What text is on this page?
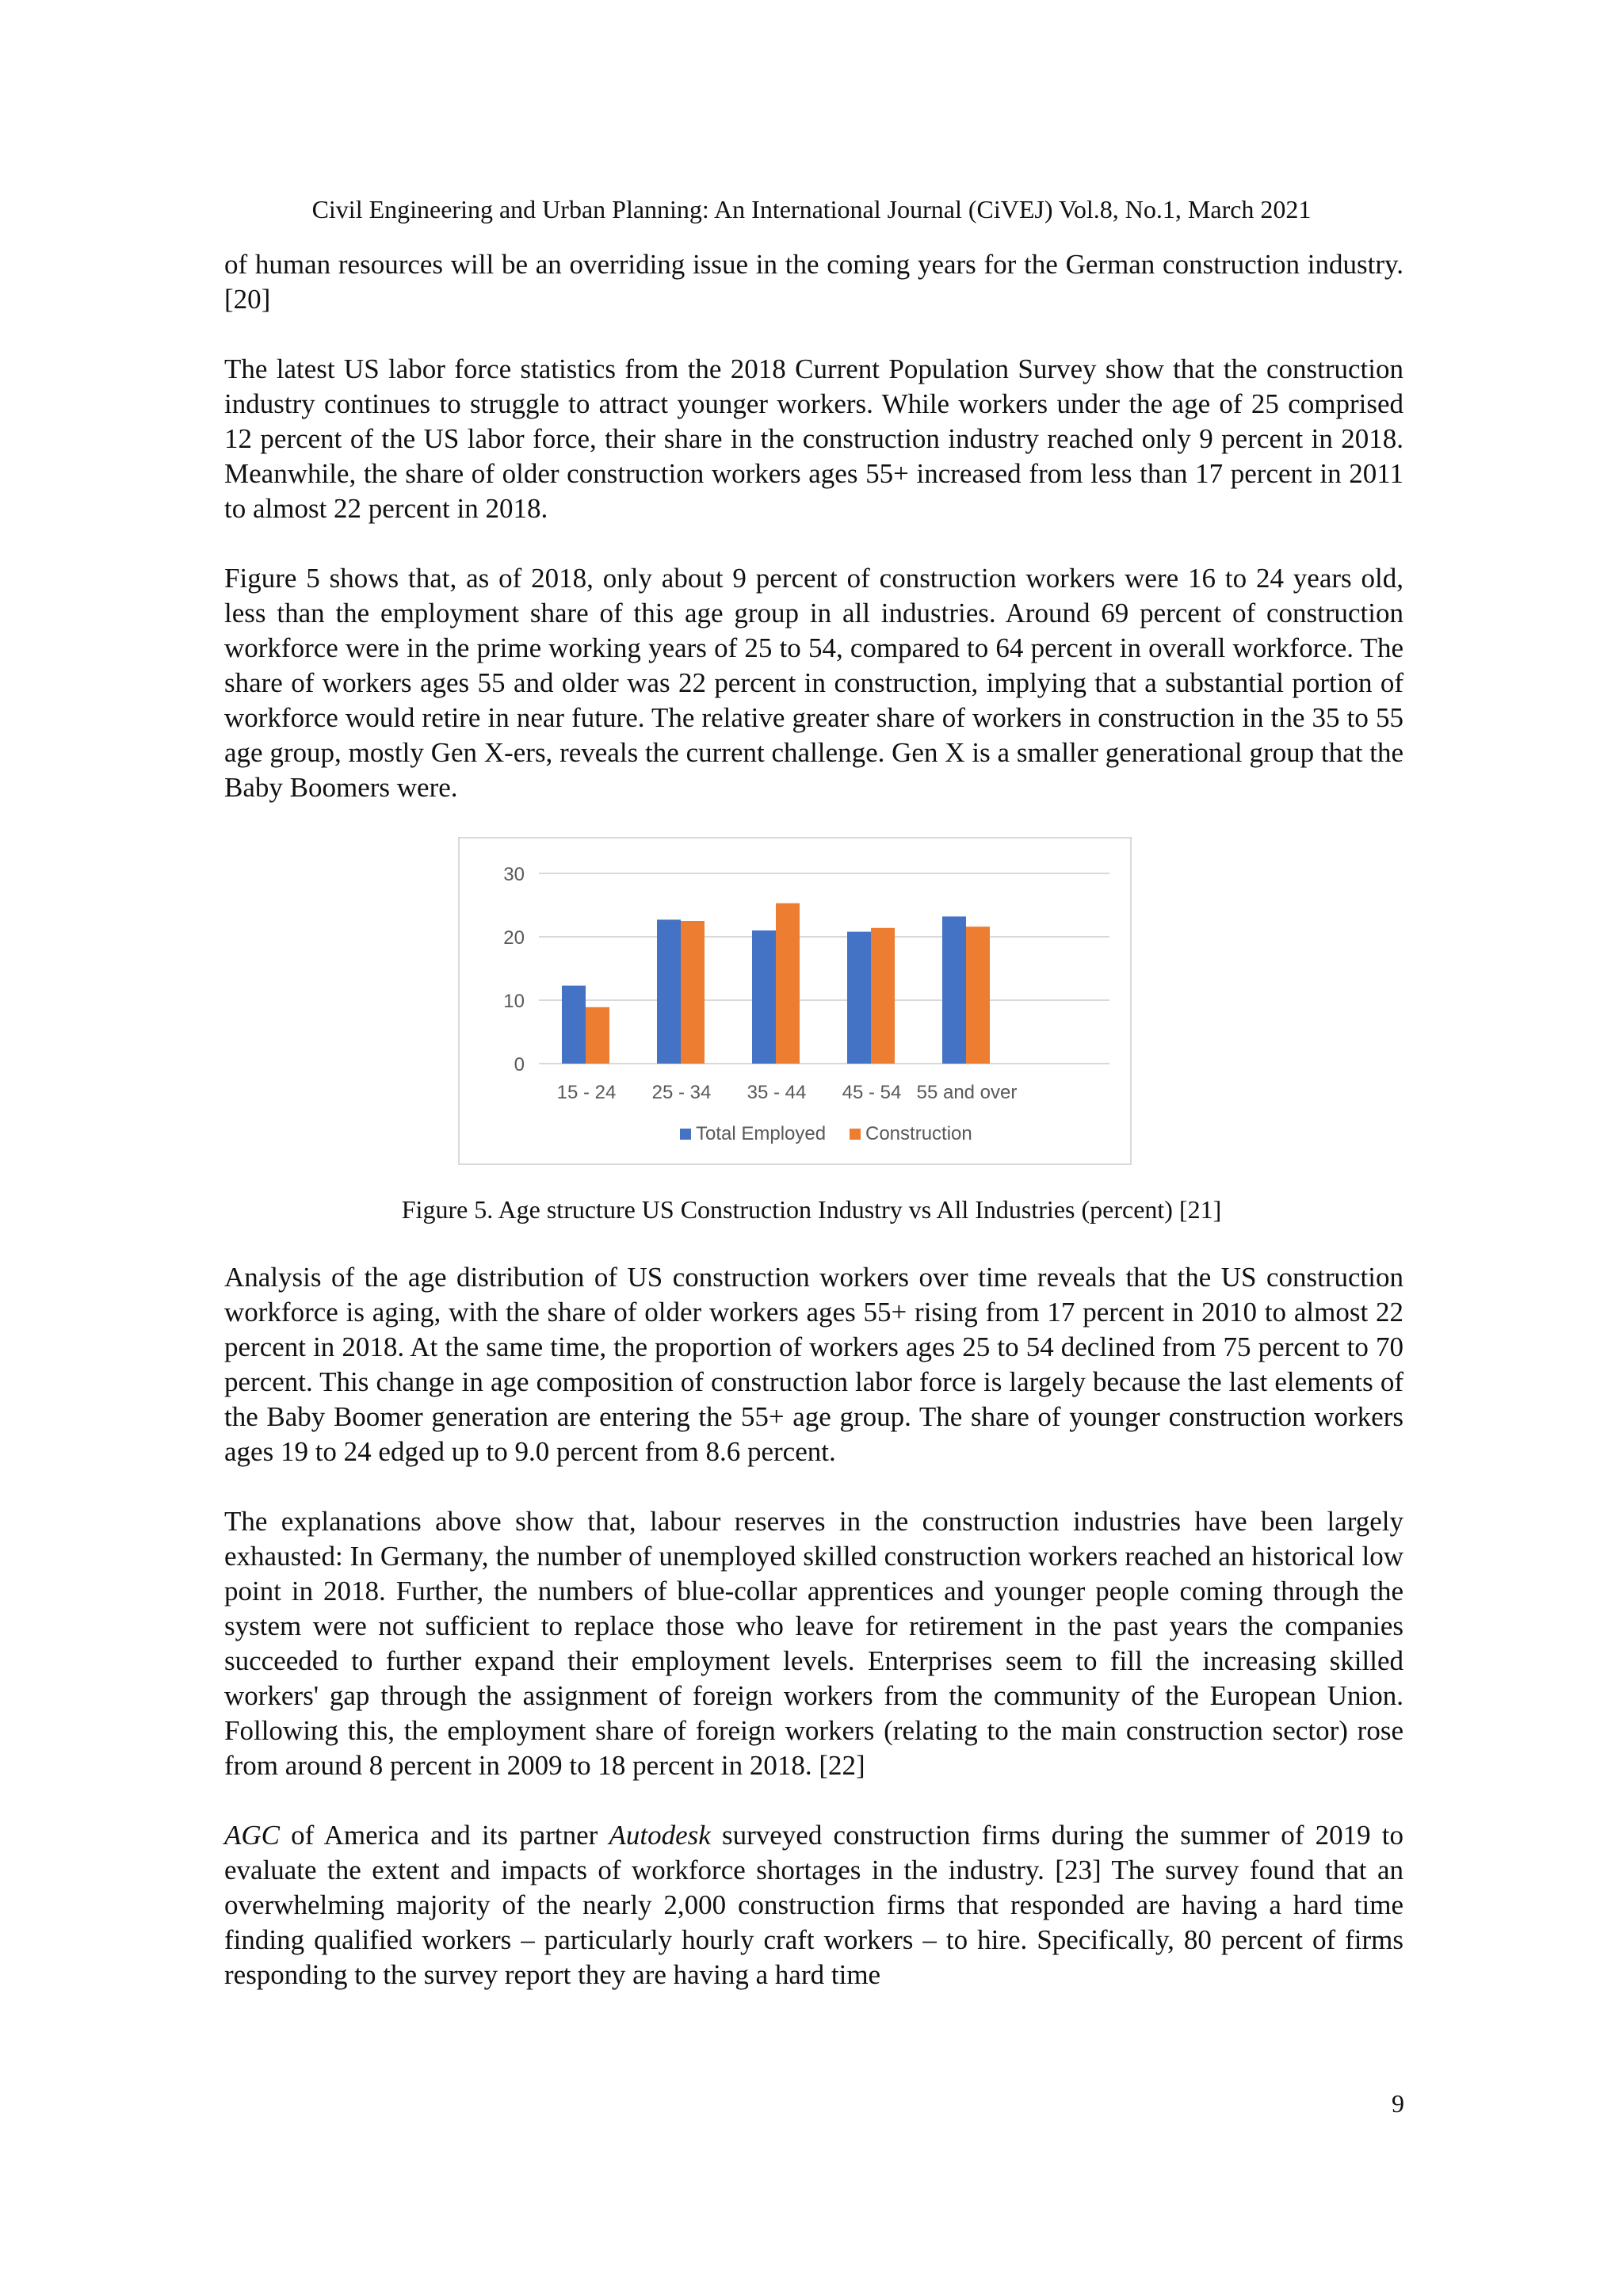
Civil Engineering and Urban Planning: An International Journal (CiVEJ) Vol.8, No.1, March 2021

of human resources will be an overriding issue in the coming years for the German construction industry. [20]

The latest US labor force statistics from the 2018 Current Population Survey show that the construction industry continues to struggle to attract younger workers. While workers under the age of 25 comprised 12 percent of the US labor force, their share in the construction industry reached only 9 percent in 2018. Meanwhile, the share of older construction workers ages 55+ increased from less than 17 percent in 2011 to almost 22 percent in 2018.

Figure 5 shows that, as of 2018, only about 9 percent of construction workers were 16 to 24 years old, less than the employment share of this age group in all industries. Around 69 percent of construction workforce were in the prime working years of 25 to 54, compared to 64 percent in overall workforce. The share of workers ages 55 and older was 22 percent in construction, implying that a substantial portion of workforce would retire in near future. The relative greater share of workers in construction in the 35 to 55 age group, mostly Gen X-ers, reveals the current challenge. Gen X is a smaller generational group that the Baby Boomers were.

0
10
20
30
15 - 24 25 - 34 35 - 44 45 - 54 55 and over
Total Employed Construction
Figure 5. Age structure US Construction Industry vs All Industries (percent) [21]

Analysis of the age distribution of US construction workers over time reveals that the US construction workforce is aging, with the share of older workers ages 55+ rising from 17 percent in 2010 to almost 22 percent in 2018. At the same time, the proportion of workers ages 25 to 54 declined from 75 percent to 70 percent. This change in age composition of construction labor force is largely because the last elements of the Baby Boomer generation are entering the 55+ age group. The share of younger construction workers ages 19 to 24 edged up to 9.0 percent from 8.6 percent.

The explanations above show that, labour reserves in the construction industries have been largely exhausted: In Germany, the number of unemployed skilled construction workers reached an historical low point in 2018. Further, the numbers of blue-collar apprentices and younger people coming through the system were not sufficient to replace those who leave for retirement in the past years the companies succeeded to further expand their employment levels. Enterprises seem to fill the increasing skilled workers' gap through the assignment of foreign workers from the community of the European Union. Following this, the employment share of foreign workers (relating to the main construction sector) rose from around 8 percent in 2009 to 18 percent in 2018. [22]

AGC of America and its partner Autodesk surveyed construction firms during the summer of 2019 to evaluate the extent and impacts of workforce shortages in the industry. [23] The survey found that an overwhelming majority of the nearly 2,000 construction firms that responded are having a hard time finding qualified workers – particularly hourly craft workers – to hire. Specifically, 80 percent of firms responding to the survey report they are having a hard time

9
